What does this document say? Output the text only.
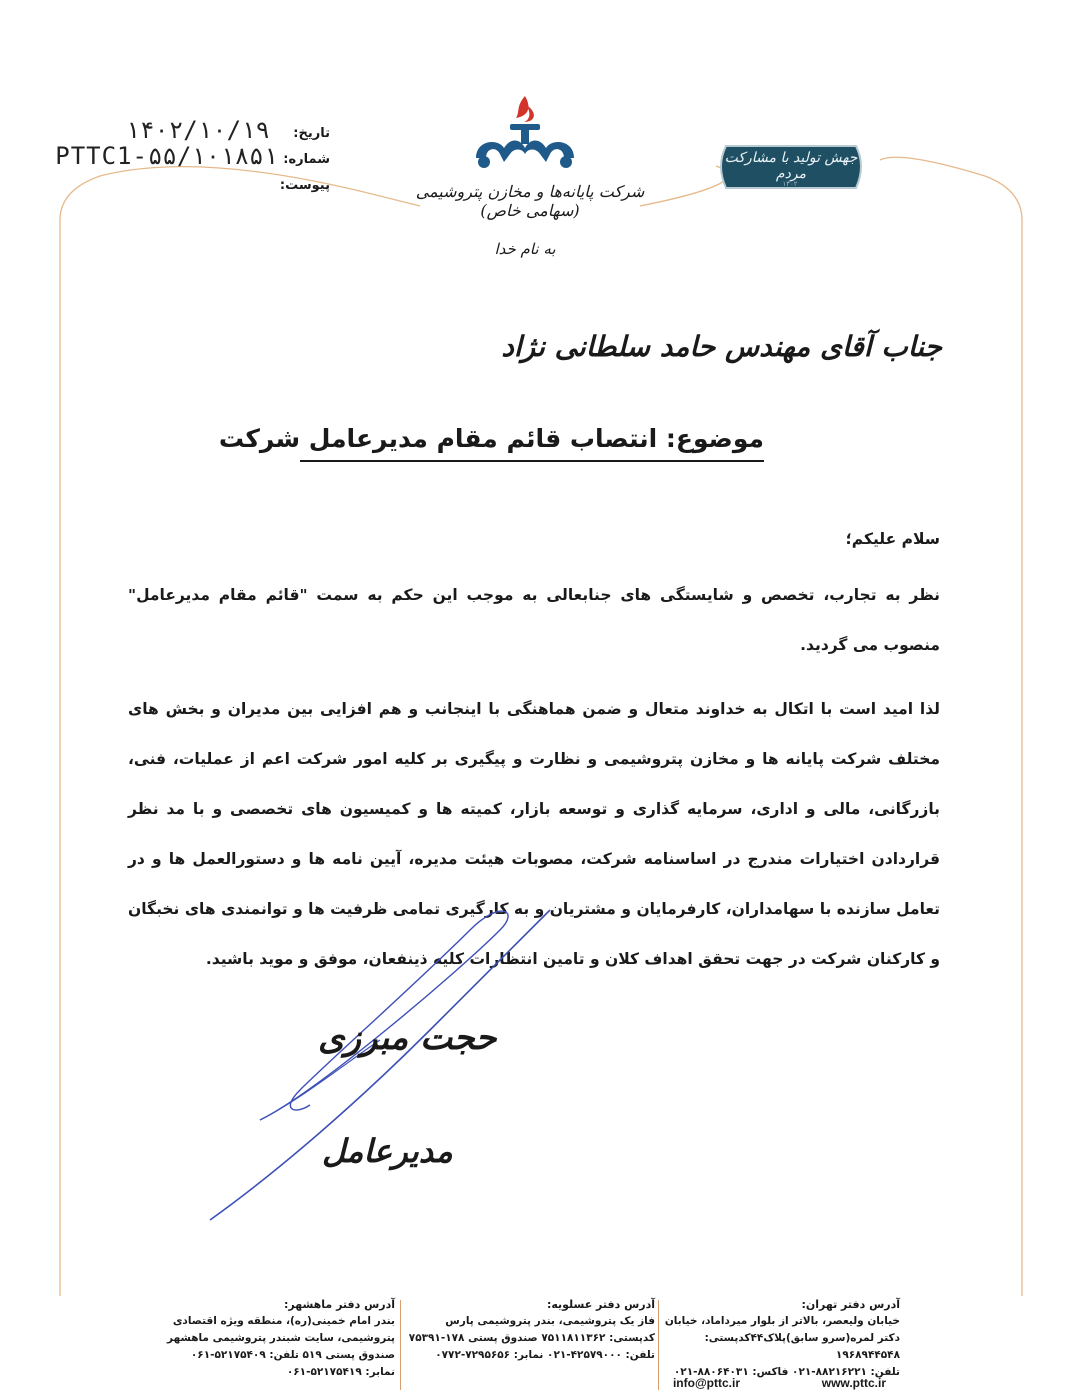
تاریخ:
۱۴۰۲/۱۰/۱۹
شماره:
PTTC1-۵۵/۱۰۱۸۵۱
پیوست:	شرکت پایانه‌ها و مخازن پتروشیمی (سهامی خاص)
به نام خدا
جهش تولید با مشارکت مردم
۱۴۰۲
جناب آقای مهندس حامد سلطانی نژاد
موضوع: انتصاب قائم مقام مدیرعامل شرکت

سلام علیکم؛

نظر به تجارب، تخصص و شایستگی های جنابعالی به موجب این حکم به سمت "قائم مقام مدیرعامل" منصوب می گردید.

لذا امید است با اتکال به خداوند متعال و ضمن هماهنگی با اینجانب و هم افزایی بین مدیران و بخش های مختلف شرکت پایانه ها و مخازن پتروشیمی و نظارت و پیگیری بر کلیه امور شرکت اعم از عملیات، فنی، بازرگانی، مالی و اداری، سرمایه گذاری و توسعه بازار، کمیته ها و کمیسیون های تخصصی و با مد نظر قراردادن اختیارات مندرج در اساسنامه شرکت، مصوبات هیئت مدیره، آیین نامه ها و دستورالعمل ها و در تعامل سازنده با سهامداران، کارفرمایان و مشتریان و به کارگیری تمامی ظرفیت ها و توانمندی های نخبگان و کارکنان شرکت در جهت تحقق اهداف کلان و تامین انتظارات کلیه ذینفعان، موفق و موید باشید.

حجت مبرزی
مدیرعامل
آدرس دفتر تهران:
خیابان ولیعصر، بالاتر از بلوار میرداماد، خیابان
دکتر لمره(سرو سابق)پلاک۴۴کدپستی: ۱۹۶۸۹۴۴۵۴۸
تلفن: ۸۸۲۱۶۲۲۱-۰۲۱ فاکس: ۸۸۰۶۴۰۳۱-۰۲۱
www.pttc.ir
info@pttc.ir
آدرس دفتر عسلویه:
فاز یک پتروشیمی، بندر پتروشیمی پارس
کدپستی: ۷۵۱۱۸۱۱۳۶۲ صندوق پستی ۱۷۸-۷۵۳۹۱
تلفن: ۴۲۵۷۹۰۰۰-۰۲۱ نمابر: ۷۲۹۵۶۵۶-۰۷۷۲
آدرس دفتر ماهشهر:
بندر امام خمینی(ره)، منطقه ویژه اقتصادی
پتروشیمی، سایت شبندر پتروشیمی ماهشهر
صندوق پستی ۵۱۹ تلفن: ۵۲۱۷۵۴۰۹-۰۶۱
نمابر: ۵۲۱۷۵۴۱۹-۰۶۱
